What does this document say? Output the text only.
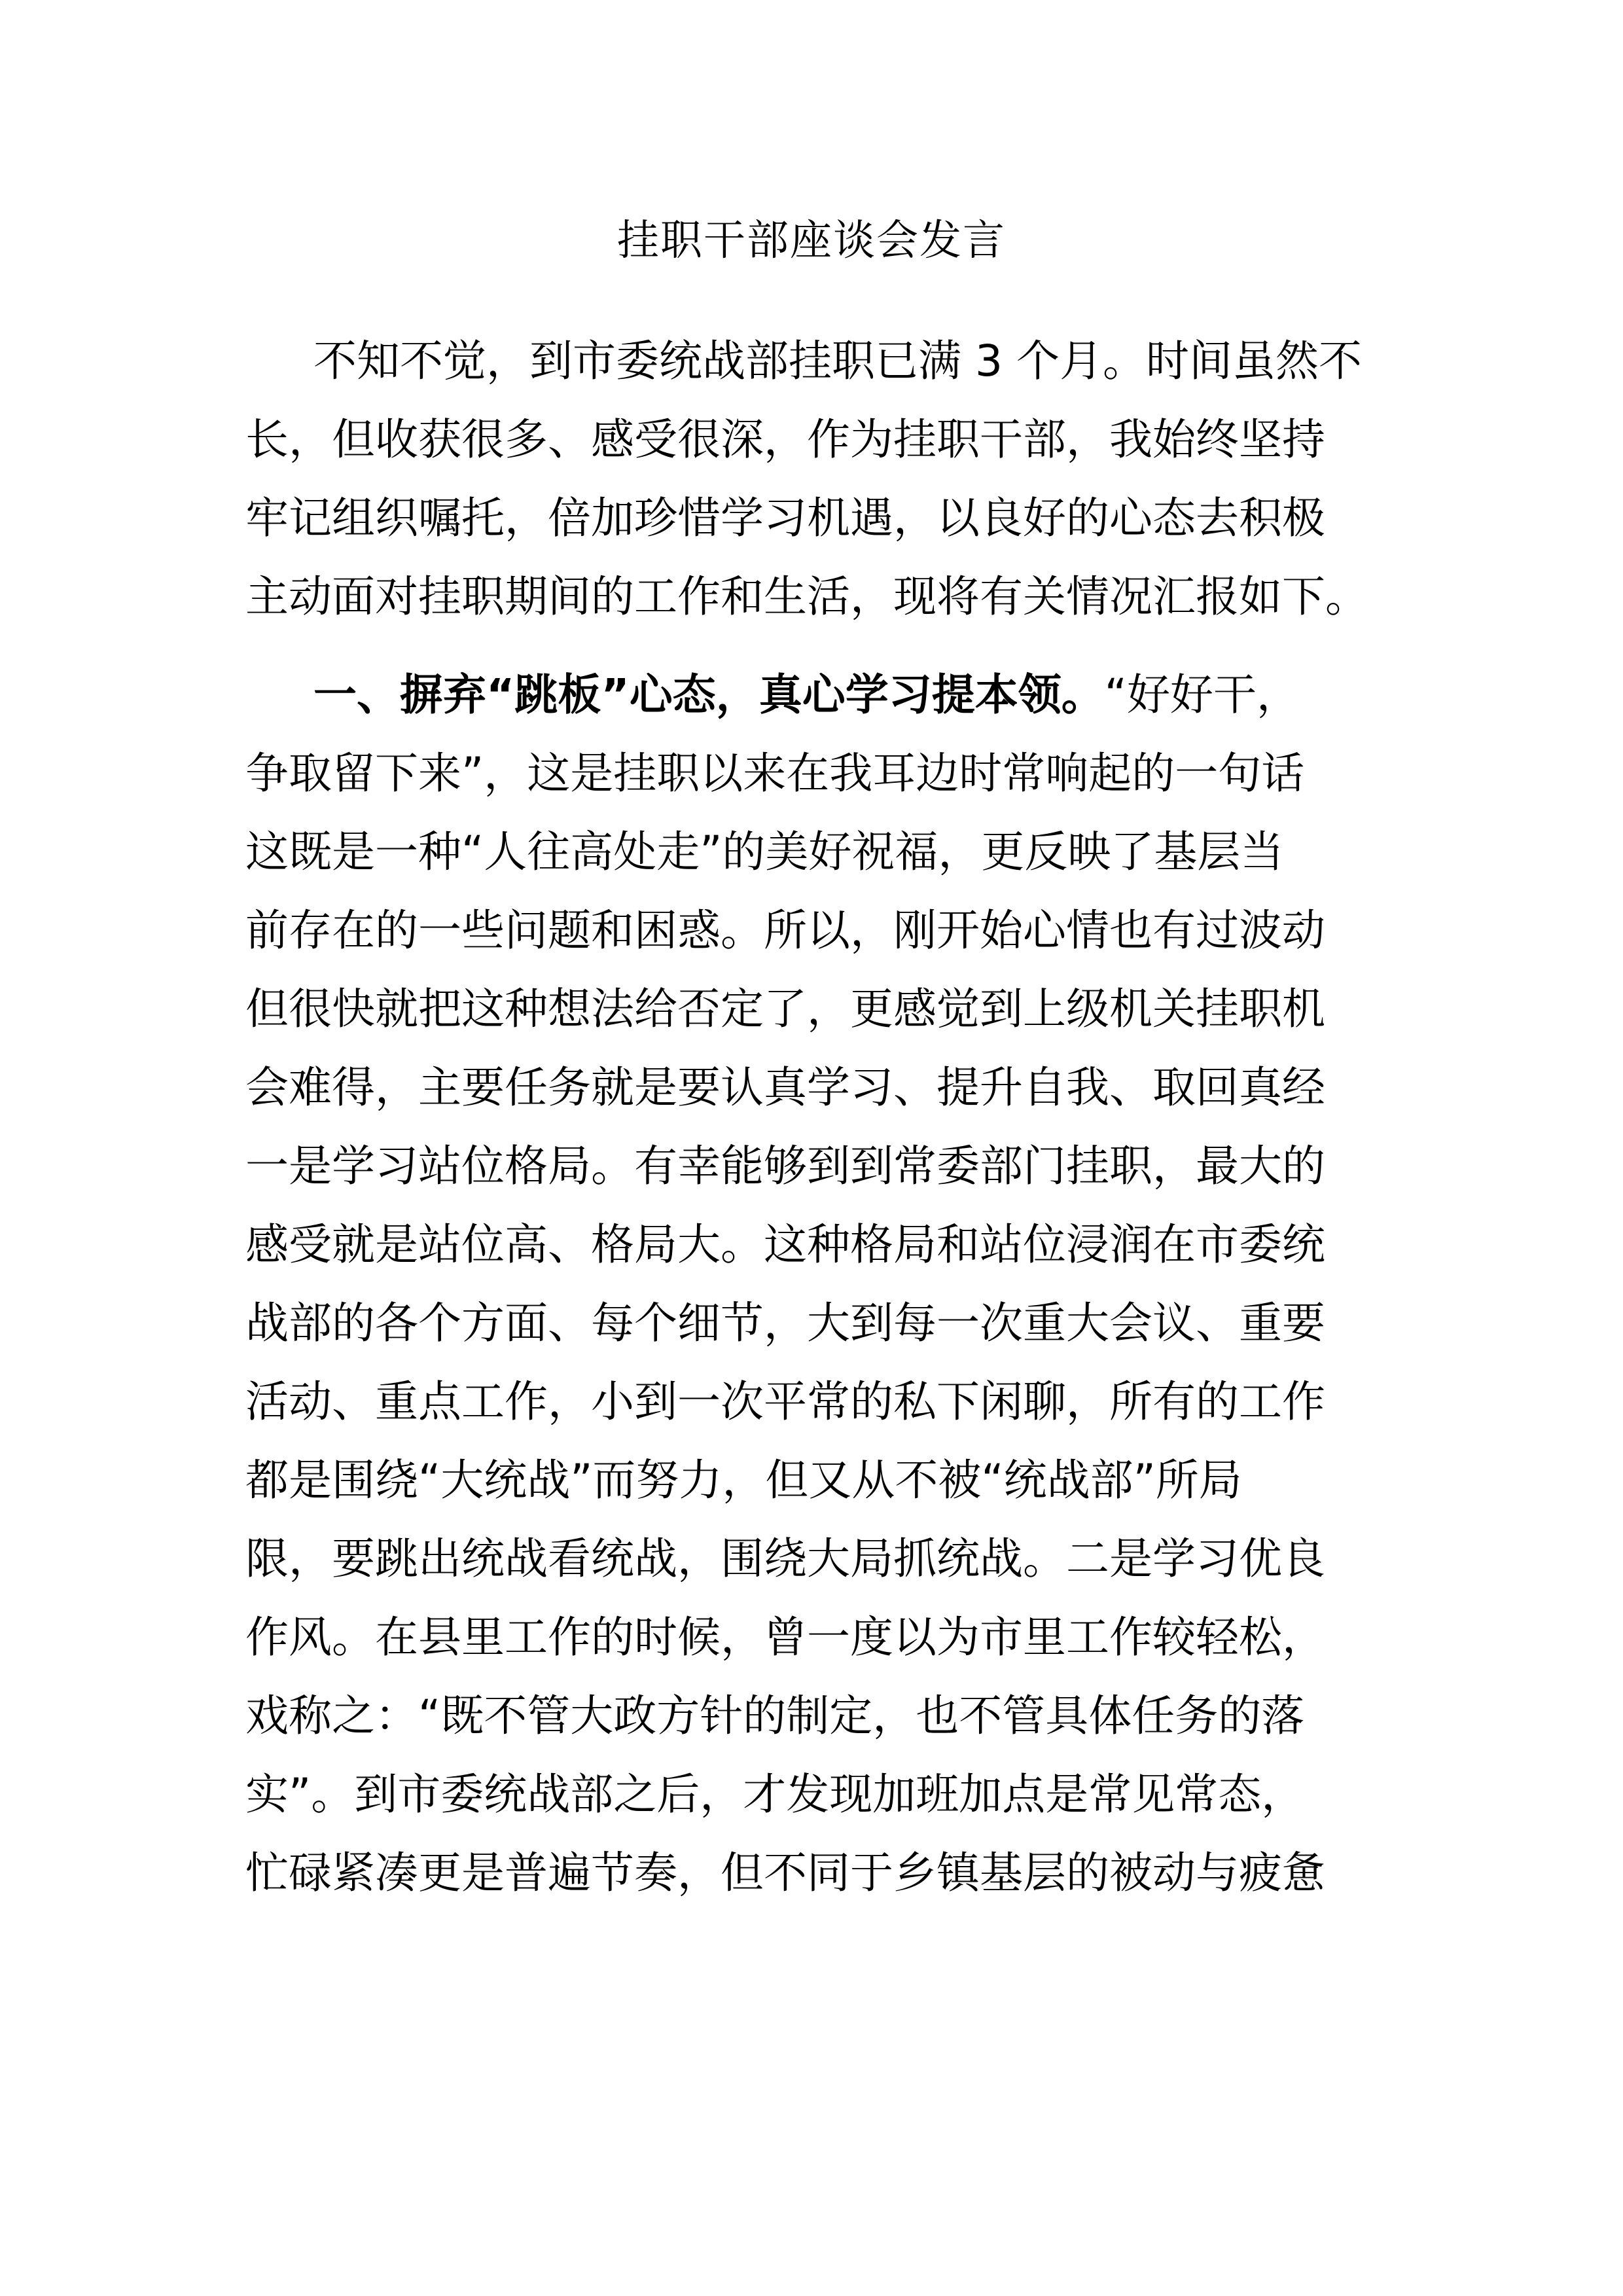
挂职干部座谈会发言
不知不觉，到市委统战部挂职已满 3 个月。时间虽然不
长，但收获很多、感受很深，作为挂职干部，我始终坚持
牢记组织嘱托，倍加珍惜学习机遇，以良好的心态去积极
主动面对挂职期间的工作和生活，现将有关情况汇报如下。
一、摒弃“跳板”心态，真心学习提本领。“好好干，
争取留下来”，这是挂职以来在我耳边时常响起的一句话
这既是一种“人往高处走”的美好祝福，更反映了基层当
前存在的一些问题和困惑。所以，刚开始心情也有过波动
但很快就把这种想法给否定了，更感觉到上级机关挂职机
会难得，主要任务就是要认真学习、提升自我、取回真经
一是学习站位格局。有幸能够到到常委部门挂职，最大的
感受就是站位高、格局大。这种格局和站位浸润在市委统
战部的各个方面、每个细节，大到每一次重大会议、重要
活动、重点工作，小到一次平常的私下闲聊，所有的工作
都是围绕“大统战”而努力，但又从不被“统战部”所局
限，要跳出统战看统战，围绕大局抓统战。二是学习优良
作风。在县里工作的时候，曾一度以为市里工作较轻松，
戏称之：“既不管大政方针的制定，也不管具体任务的落
实”。到市委统战部之后，才发现加班加点是常见常态，
忙碌紧凑更是普遍节奏，但不同于乡镇基层的被动与疲惫
